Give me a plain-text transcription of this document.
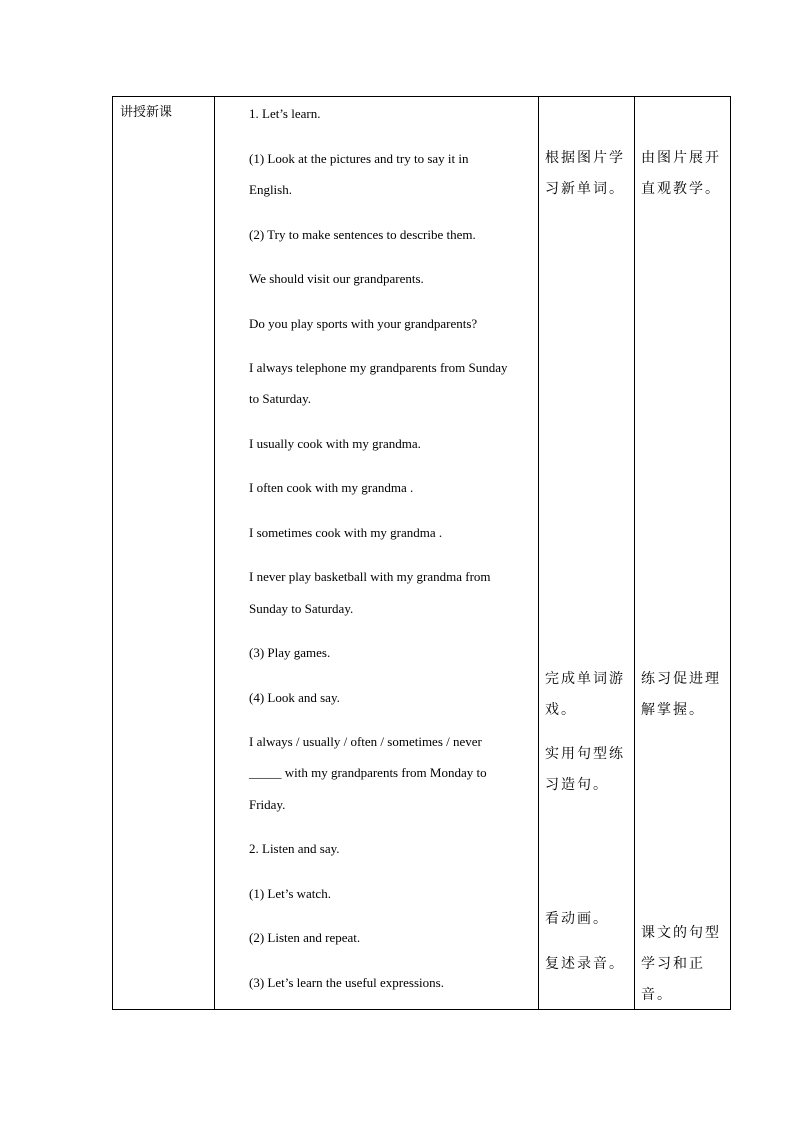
讲授新课	1. Let’s learn.
(1) Look at the pictures and try to say it in
English.
(2) Try to make sentences to describe them.
We should visit our grandparents.
Do you play sports with your grandparents?
I always telephone my grandparents from Sunday
to Saturday.
I usually cook with my grandma.
I often cook with my grandma .
I sometimes cook with my grandma .
I never play basketball with my grandma from
Sunday to Saturday.
(3) Play games.
(4) Look and say.
I always / usually / often / sometimes / never
_____ with my grandparents from Monday to
Friday.
2. Listen and say.
(1) Let’s watch.
(2) Listen and repeat.
(3) Let’s learn the useful expressions.
根据图片学
习新单词。
完成单词游
戏。
实用句型练
习造句。
看动画。
复述录音。
由图片展开
直观教学。
练习促进理
解掌握。
课文的句型
学习和正音。
